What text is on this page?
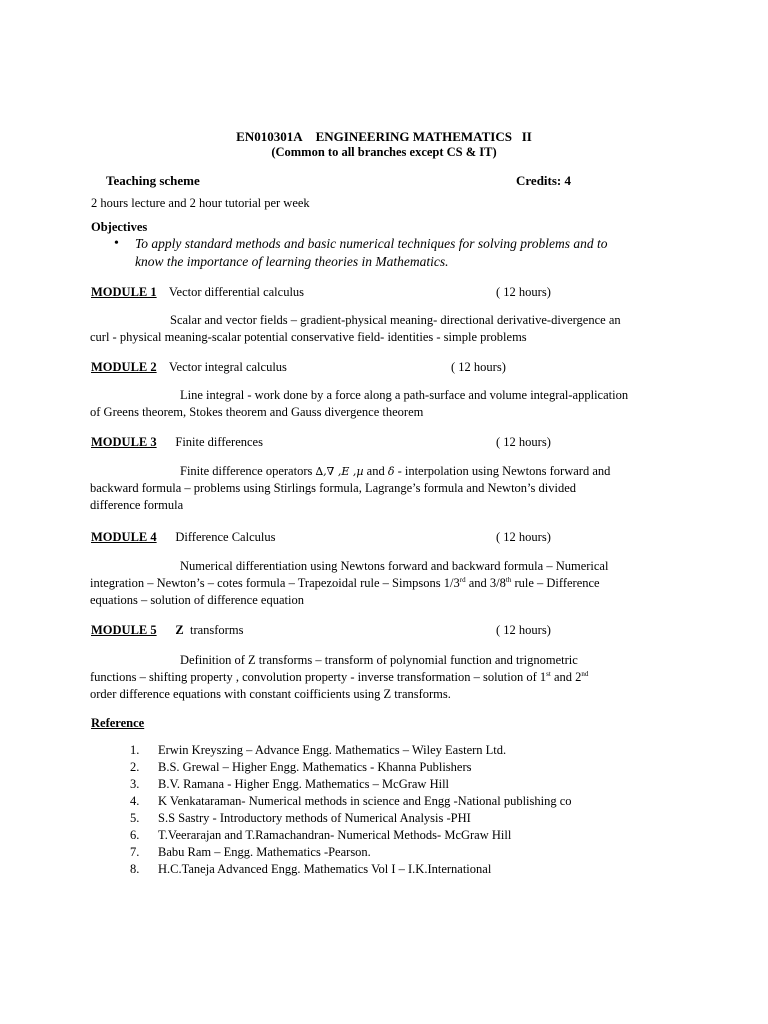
EN010301A ENGINEERING MATHEMATICS II
(Common to all branches except CS & IT)
Teaching scheme	Credits: 4
2 hours lecture and 2 hour tutorial per week
Objectives
• To apply standard methods and basic numerical techniques for solving problems and to
know the importance of learning theories in Mathematics.
MODULE 1 Vector differential calculus	( 12 hours)
Scalar and vector fields – gradient-physical meaning- directional derivative-divergence an
curl - physical meaning-scalar potential conservative field- identities - simple problems
MODULE 2 Vector integral calculus	( 12 hours)
Line integral - work done by a force along a path-surface and volume integral-application
of Greens theorem, Stokes theorem and Gauss divergence theorem
MODULE 3 Finite differences	( 12 hours)
Finite difference operators ∆,∇ ,E ,µ and δ - interpolation using Newtons forward and
backward formula – problems using Stirlings formula, Lagrange’s formula and Newton’s divided
difference formula
MODULE 4 Difference Calculus	( 12 hours)
Numerical differentiation using Newtons forward and backward formula – Numerical
integration – Newton’s – cotes formula – Trapezoidal rule – Simpsons 1/3rd and 3/8th rule – Difference
equations – solution of difference equation
MODULE 5 Z transforms	( 12 hours)
Definition of Z transforms – transform of polynomial function and trignometric
functions – shifting property , convolution property - inverse transformation – solution of 1st and 2nd
order difference equations with constant coifficients using Z transforms.
Reference
1. Erwin Kreyszing – Advance Engg. Mathematics – Wiley Eastern Ltd.
2. B.S. Grewal – Higher Engg. Mathematics - Khanna Publishers
3. B.V. Ramana - Higher Engg. Mathematics – McGraw Hill
4. K Venkataraman- Numerical methods in science and Engg -National publishing co
5. S.S Sastry - Introductory methods of Numerical Analysis -PHI
6. T.Veerarajan and T.Ramachandran- Numerical Methods- McGraw Hill
7. Babu Ram – Engg. Mathematics -Pearson.
8. H.C.Taneja Advanced Engg. Mathematics Vol I – I.K.International
